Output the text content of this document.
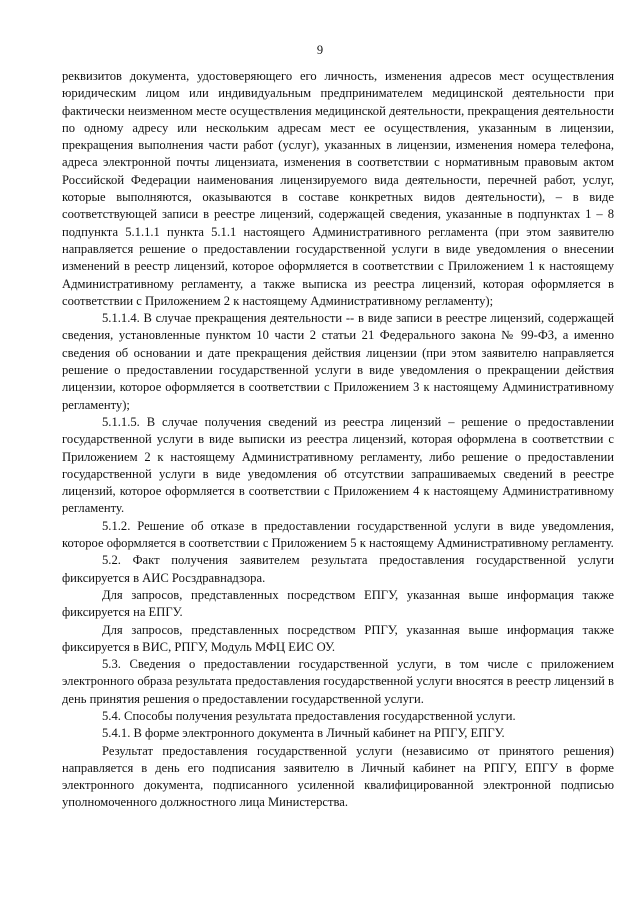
9

реквизитов документа, удостоверяющего его личность, изменения адресов мест осуществления юридическим лицом или индивидуальным предпринимателем медицинской деятельности при фактически неизменном месте осуществления медицинской деятельности, прекращения деятельности по одному адресу или нескольким адресам мест ее осуществления, указанным в лицензии, прекращения выполнения части работ (услуг), указанных в лицензии, изменения номера телефона, адреса электронной почты лицензиата, изменения в соответствии с нормативным правовым актом Российской Федерации наименования лицензируемого вида деятельности, перечней работ, услуг, которые выполняются, оказываются в составе конкретных видов деятельности), – в виде соответствующей записи в реестре лицензий, содержащей сведения, указанные в подпунктах 1 – 8 подпункта 5.1.1.1 пункта 5.1.1 настоящего Административного регламента (при этом заявителю направляется решение о предоставлении государственной услуги в виде уведомления о внесении изменений в реестр лицензий, которое оформляется в соответствии с Приложением 1 к настоящему Административному регламенту, а также выписка из реестра лицензий, которая оформляется в соответствии с Приложением 2 к настоящему Административному регламенту);

5.1.1.4. В случае прекращения деятельности -- в виде записи в реестре лицензий, содержащей сведения, установленные пунктом 10 части 2 статьи 21 Федерального закона № 99-ФЗ, а именно сведения об основании и дате прекращения действия лицензии (при этом заявителю направляется решение о предоставлении государственной услуги в виде уведомления о прекращении действия лицензии, которое оформляется в соответствии с Приложением 3 к настоящему Административному регламенту);

5.1.1.5. В случае получения сведений из реестра лицензий – решение о предоставлении государственной услуги в виде выписки из реестра лицензий, которая оформлена в соответствии с Приложением 2 к настоящему Административному регламенту, либо решение о предоставлении государственной услуги в виде уведомления об отсутствии запрашиваемых сведений в реестре лицензий, которое оформляется в соответствии с Приложением 4 к настоящему Административному регламенту.

5.1.2. Решение об отказе в предоставлении государственной услуги в виде уведомления, которое оформляется в соответствии с Приложением 5 к настоящему Административному регламенту.

5.2. Факт получения заявителем результата предоставления государственной услуги фиксируется в АИС Росздравнадзора.

Для запросов, представленных посредством ЕПГУ, указанная выше информация также фиксируется на ЕПГУ.

Для запросов, представленных посредством РПГУ, указанная выше информация также фиксируется в ВИС, РПГУ, Модуль МФЦ ЕИС ОУ.

5.3. Сведения о предоставлении государственной услуги, в том числе с приложением электронного образа результата предоставления государственной услуги вносятся в реестр лицензий в день принятия решения о предоставлении государственной услуги.

5.4. Способы получения результата предоставления государственной услуги.

5.4.1. В форме электронного документа в Личный кабинет на РПГУ, ЕПГУ.

Результат предоставления государственной услуги (независимо от принятого решения) направляется в день его подписания заявителю в Личный кабинет на РПГУ, ЕПГУ в форме электронного документа, подписанного усиленной квалифицированной электронной подписью уполномоченного должностного лица Министерства.
